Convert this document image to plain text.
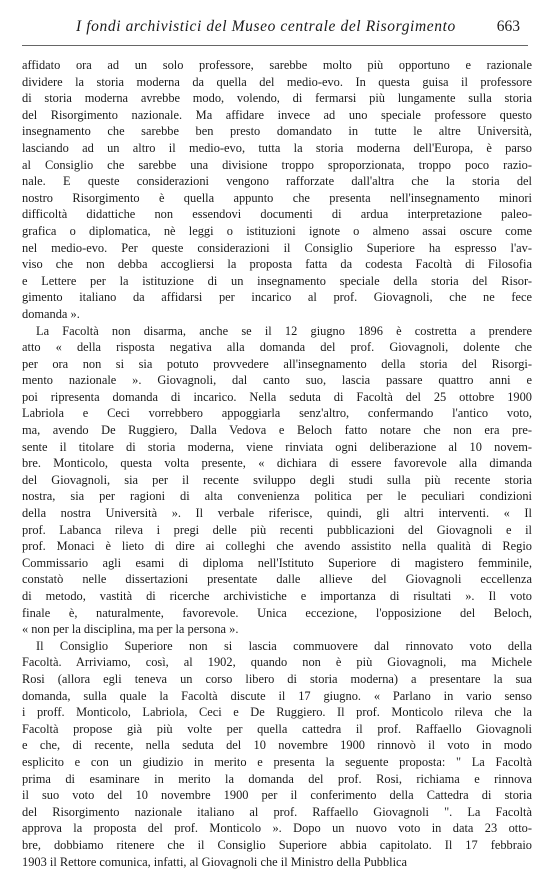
I fondi archivistici del Museo centrale del Risorgimento	663
affidato ora ad un solo professore, sarebbe molto più opportuno e razionale
dividere la storia moderna da quella del medio-evo. In questa guisa il professore
di storia moderna avrebbe modo, volendo, di fermarsi più lungamente sulla storia
del Risorgimento nazionale. Ma affidare invece ad uno speciale professore questo
insegnamento che sarebbe ben presto domandato in tutte le altre Università,
lasciando ad un altro il medio-evo, tutta la storia moderna dell'Europa, è parso
al Consiglio che sarebbe una divisione troppo sproporzionata, troppo poco razio-
nale. E queste considerazioni vengono rafforzate dall'altra che la storia del
nostro Risorgimento è quella appunto che presenta nell'insegnamento minori
difficoltà didattiche non essendovi documenti di ardua interpretazione paleo-
grafica o diplomatica, nè leggi o istituzioni ignote o almeno assai oscure come
nel medio-evo. Per queste considerazioni il Consiglio Superiore ha espresso l'av-
viso che non debba accogliersi la proposta fatta da codesta Facoltà di Filosofia
e Lettere per la istituzione di un insegnamento speciale della storia del Risor-
gimento italiano da affidarsi per incarico al prof. Giovagnoli, che ne fece
domanda ».
La Facoltà non disarma, anche se il 12 giugno 1896 è costretta a prendere
atto « della risposta negativa alla domanda del prof. Giovagnoli, dolente che
per ora non si sia potuto provvedere all'insegnamento della storia del Risorgi-
mento nazionale ». Giovagnoli, dal canto suo, lascia passare quattro anni e
poi ripresenta domanda di incarico. Nella seduta di Facoltà del 25 ottobre 1900
Labriola e Ceci vorrebbero appoggiarla senz'altro, confermando l'antico voto,
ma, avendo De Ruggiero, Dalla Vedova e Beloch fatto notare che non era pre-
sente il titolare di storia moderna, viene rinviata ogni deliberazione al 10 novem-
bre. Monticolo, questa volta presente, « dichiara di essere favorevole alla dimanda
del Giovagnoli, sia per il recente sviluppo degli studi sulla più recente storia
nostra, sia per ragioni di alta convenienza politica per le peculiari condizioni
della nostra Università ». Il verbale riferisce, quindi, gli altri interventi. « Il
prof. Labanca rileva i pregi delle più recenti pubblicazioni del Giovagnoli e il
prof. Monaci è lieto di dire ai colleghi che avendo assistito nella qualità di Regio
Commissario agli esami di diploma nell'Istituto Superiore di magistero femminile,
constatò nelle dissertazioni presentate dalle allieve del Giovagnoli eccellenza
di metodo, vastità di ricerche archivistiche e importanza di risultati ». Il voto
finale è, naturalmente, favorevole. Unica eccezione, l'opposizione del Beloch,
« non per la disciplina, ma per la persona ».
Il Consiglio Superiore non si lascia commuovere dal rinnovato voto della
Facoltà. Arriviamo, così, al 1902, quando non è più Giovagnoli, ma Michele
Rosi (allora egli teneva un corso libero di storia moderna) a presentare la sua
domanda, sulla quale la Facoltà discute il 17 giugno. « Parlano in vario senso
i proff. Monticolo, Labriola, Ceci e De Ruggiero. Il prof. Monticolo rileva che la
Facoltà propose già più volte per quella cattedra il prof. Raffaello Giovagnoli
e che, di recente, nella seduta del 10 novembre 1900 rinnovò il voto in modo
esplicito e con un giudizio in merito e presenta la seguente proposta: " La Facoltà
prima di esaminare in merito la domanda del prof. Rosi, richiama e rinnova
il suo voto del 10 novembre 1900 per il conferimento della Cattedra di storia
del Risorgimento nazionale italiano al prof. Raffaello Giovagnoli ". La Facoltà
approva la proposta del prof. Monticolo ». Dopo un nuovo voto in data 23 otto-
bre, dobbiamo ritenere che il Consiglio Superiore abbia capitolato. Il 17 febbraio
1903 il Rettore comunica, infatti, al Giovagnoli che il Ministro della Pubblica
